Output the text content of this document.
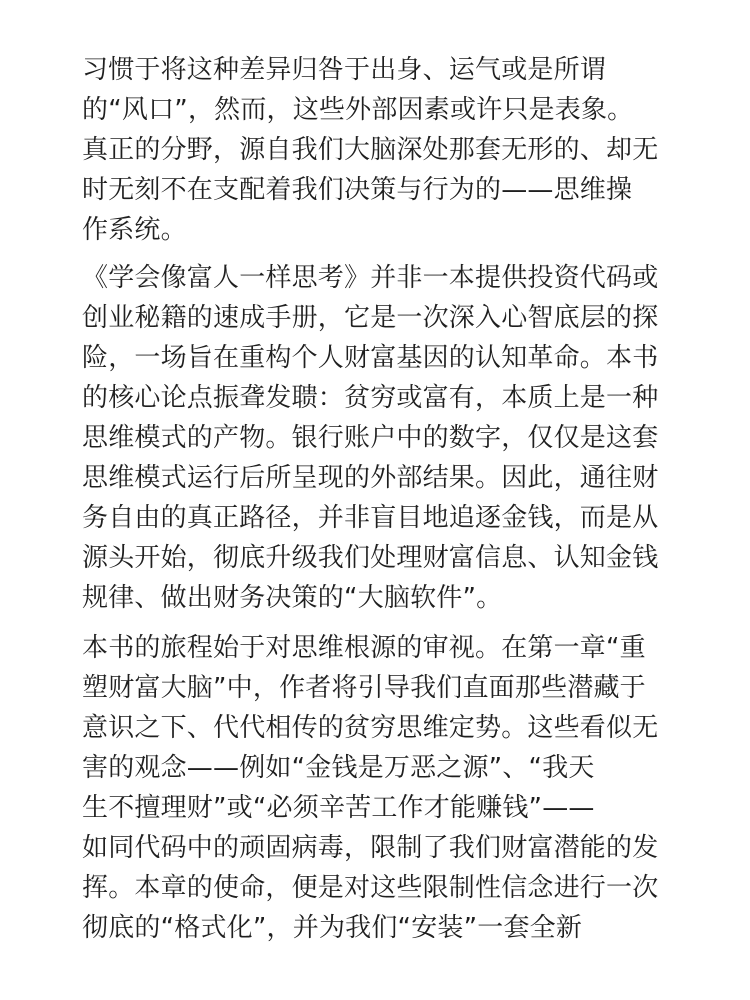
习惯于将这种差异归咎于出身、运气或是所谓
的“风口”，然而，这些外部因素或许只是表象。
真正的分野，源自我们大脑深处那套无形的、却无
时无刻不在支配着我们决策与行为的——思维操
作系统。
《学会像富人一样思考》并非一本提供投资代码或
创业秘籍的速成手册，它是一次深入心智底层的探
险，一场旨在重构个人财富基因的认知革命。本书
的核心论点振聋发聩：贫穷或富有，本质上是一种
思维模式的产物。银行账户中的数字，仅仅是这套
思维模式运行后所呈现的外部结果。因此，通往财
务自由的真正路径，并非盲目地追逐金钱，而是从
源头开始，彻底升级我们处理财富信息、认知金钱
规律、做出财务决策的“大脑软件”。
本书的旅程始于对思维根源的审视。在第一章“重
塑财富大脑”中，作者将引导我们直面那些潜藏于
意识之下、代代相传的贫穷思维定势。这些看似无
害的观念——例如“金钱是万恶之源”、“我天
生不擅理财”或“必须辛苦工作才能赚钱”——
如同代码中的顽固病毒，限制了我们财富潜能的发
挥。本章的使命，便是对这些限制性信念进行一次
彻底的“格式化”，并为我们“安装”一套全新
